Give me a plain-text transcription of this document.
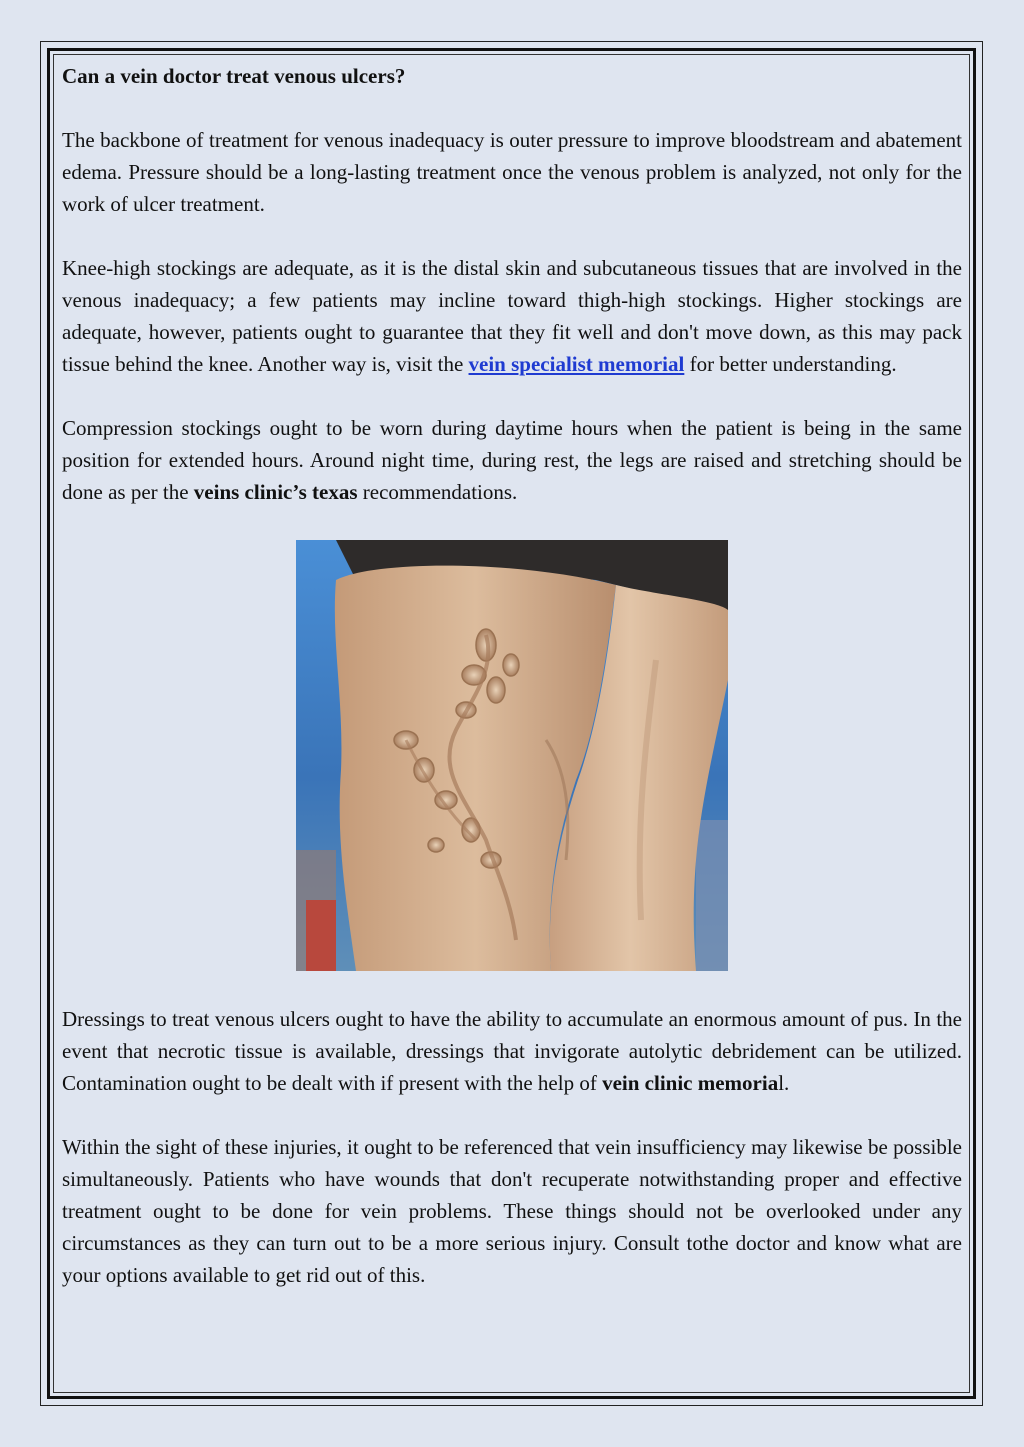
Can a vein doctor treat venous ulcers?

The backbone of treatment for venous inadequacy is outer pressure to improve bloodstream and abatement edema. Pressure should be a long-lasting treatment once the venous problem is analyzed, not only for the work of ulcer treatment.

Knee-high stockings are adequate, as it is the distal skin and subcutaneous tissues that are involved in the venous inadequacy; a few patients may incline toward thigh-high stockings. Higher stockings are adequate, however, patients ought to guarantee that they fit well and don't move down, as this may pack tissue behind the knee. Another way is, visit the vein specialist memorial for better understanding.

Compression stockings ought to be worn during daytime hours when the patient is being in the same position for extended hours. Around night time, during rest, the legs are raised and stretching should be done as per the veins clinic’s texas recommendations.

Dressings to treat venous ulcers ought to have the ability to accumulate an enormous amount of pus. In the event that necrotic tissue is available, dressings that invigorate autolytic debridement can be utilized. Contamination ought to be dealt with if present with the help of vein clinic memorial.

Within the sight of these injuries, it ought to be referenced that vein insufficiency may likewise be possible simultaneously. Patients who have wounds that don't recuperate notwithstanding proper and effective treatment ought to be done for vein problems. These things should not be overlooked under any circumstances as they can turn out to be a more serious injury. Consult tothe doctor and know what are your options available to get rid out of this.
